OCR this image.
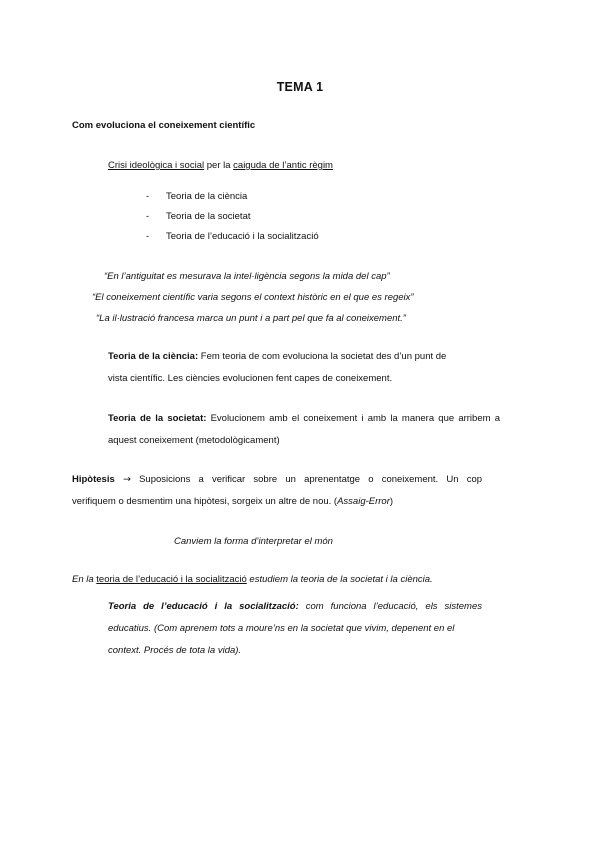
TEMA 1
Com evoluciona el coneixement científic
Crisi ideològica i social per la caiguda de l’antic règim
- Teoria de la ciència
- Teoria de la societat
- Teoria de l’educació i la socialització
“En l’antiguitat es mesurava la intel·ligència segons la mida del cap”
“El coneixement científic varia segons el context històric en el que es regeix”
“La il·lustració francesa marca un punt i a part pel que fa al coneixement.”
Teoria de la ciència: Fem teoria de com evoluciona la societat des d’un punt de
vista científic. Les ciències evolucionen fent capes de coneixement.
Teoria de la societat: Evolucionem amb el coneixement i amb la manera que arribem a
aquest coneixement (metodològicament)
Hipòtesis → Suposicions a verificar sobre un aprenentatge o coneixement. Un cop
verifiquem o desmentim una hipòtesi, sorgeix un altre de nou. (Assaig-Error)
Canviem la forma d’interpretar el món
En la teoria de l’educació i la socialització estudiem la teoria de la societat i la ciència.
Teoria de l’educació i la socialització: com funciona l’educació, els sistemes
educatius. (Com aprenem tots a moure’ns en la societat que vivim, depenent en el
context. Procés de tota la vida).
